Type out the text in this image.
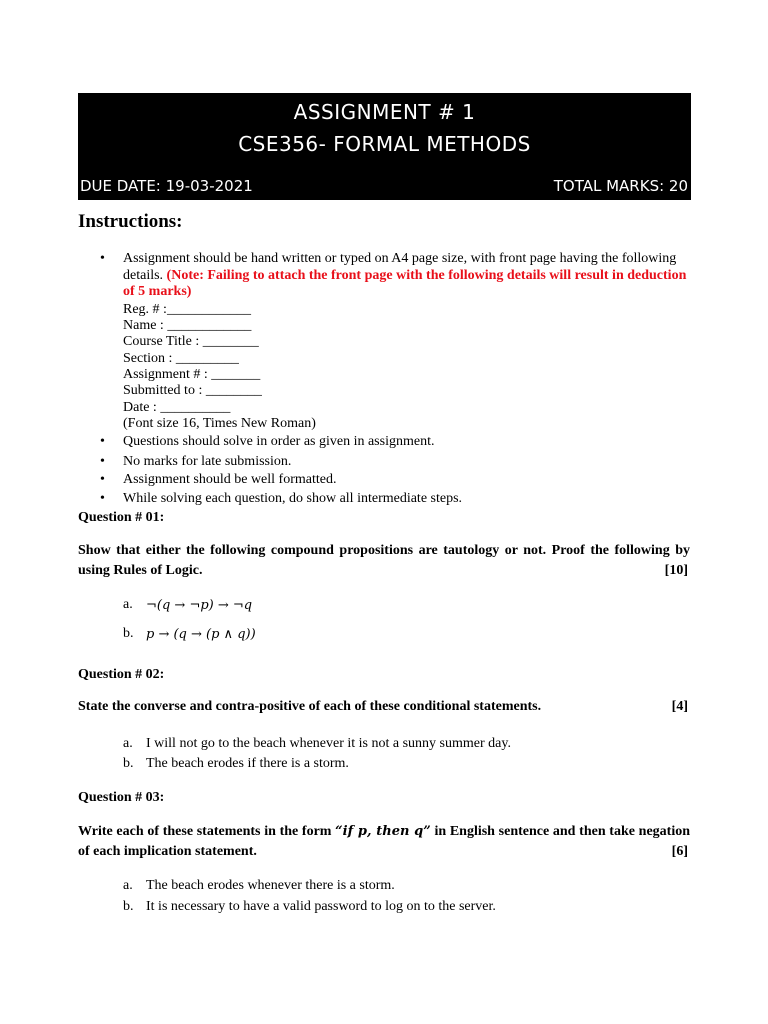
ASSIGNMENT # 1
CSE356- FORMAL METHODS
DUE DATE: 19-03-2021	TOTAL MARKS: 20
Instructions:
• Assignment should be hand written or typed on A4 page size, with front page having the following details. (Note: Failing to attach the front page with the following details will result in deduction of 5 marks)
Reg. # :____________
Name : ____________
Course Title : ________
Section : _________
Assignment # : _______
Submitted to : ________
Date : __________
(Font size 16, Times New Roman)
• Questions should solve in order as given in assignment.
• No marks for late submission.
• Assignment should be well formatted.
• While solving each question, do show all intermediate steps.
Question # 01:
Show that either the following compound propositions are tautology or not. Proof the following by using Rules of Logic.	[10]
a. ¬(q → ¬p) → ¬q
b. p → (q → (p ∧ q))
Question # 02:
State the converse and contra-positive of each of these conditional statements.	[4]
a. I will not go to the beach whenever it is not a sunny summer day.
b. The beach erodes if there is a storm.
Question # 03:
Write each of these statements in the form “if p, then q” in English sentence and then take negation of each implication statement.	[6]
a. The beach erodes whenever there is a storm.
b. It is necessary to have a valid password to log on to the server.
